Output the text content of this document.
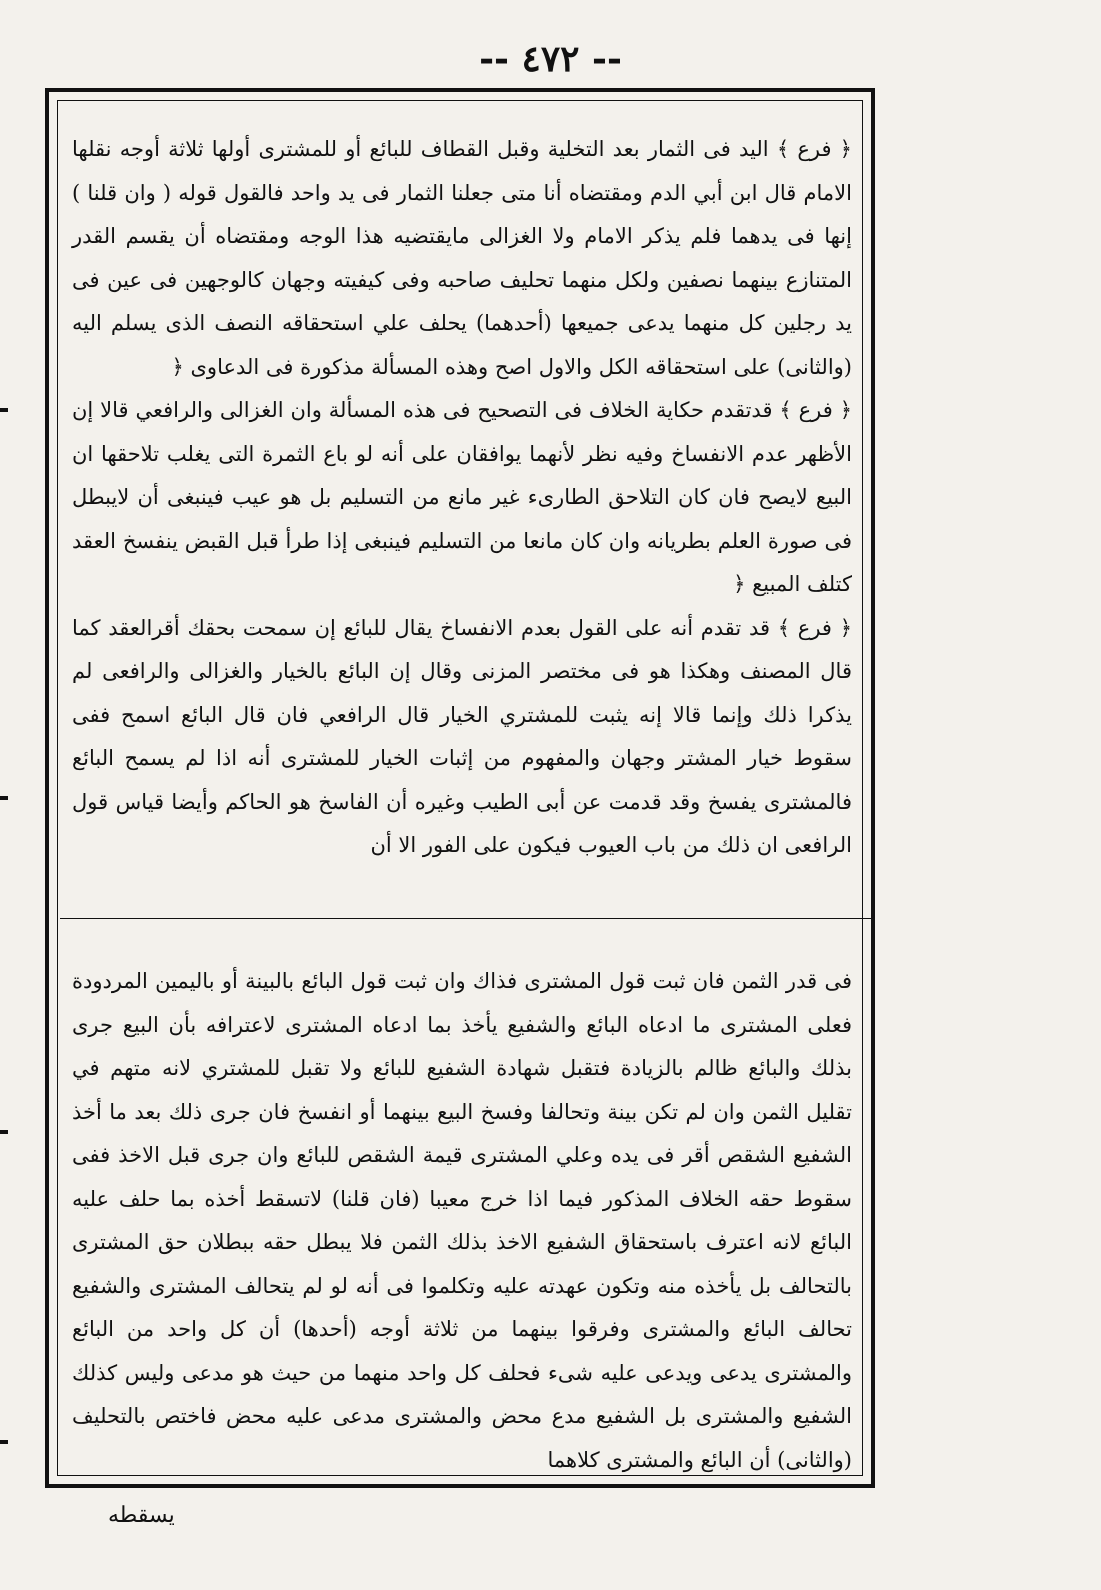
-- ٤٧٢ --

﴿ فرع ﴾ اليد فى الثمار بعد التخلية وقبل القطاف للبائع أو للمشترى أولها ثلاثة أوجه نقلها الامام قال ابن أبي الدم ومقتضاه أنا متى جعلنا الثمار فى يد واحد فالقول قوله ( وان قلنا ) إنها فى يدهما فلم يذكر الامام ولا الغزالى مايقتضيه هذا الوجه ومقتضاه أن يقسم القدر المتنازع بينهما نصفين ولكل منهما تحليف صاحبه وفى كيفيته وجهان كالوجهين فى عين فى يد رجلين كل منهما يدعى جميعها (أحدهما) يحلف علي استحقاقه النصف الذى يسلم اليه (والثانى) على استحقاقه الكل والاول اصح وهذه المسألة مذكورة فى الدعاوى ﴿

﴿ فرع ﴾ قدتقدم حكاية الخلاف فى التصحيح فى هذه المسألة وان الغزالى والرافعي قالا إن الأظهر عدم الانفساخ وفيه نظر لأنهما يوافقان على أنه لو باع الثمرة التى يغلب تلاحقها ان البيع لايصح فان كان التلاحق الطارىء غير مانع من التسليم بل هو عيب فينبغى أن لايبطل فى صورة العلم بطريانه وان كان مانعا من التسليم فينبغى إذا طرأ قبل القبض ينفسخ العقد كتلف المبيع ﴿

﴿ فرع ﴾ قد تقدم أنه على القول بعدم الانفساخ يقال للبائع إن سمحت بحقك أقرالعقد كما قال المصنف وهكذا هو فى مختصر المزنى وقال إن البائع بالخيار والغزالى والرافعى لم يذكرا ذلك وإنما قالا إنه يثبت للمشتري الخيار قال الرافعي فان قال البائع اسمح ففى سقوط خيار المشتر وجهان والمفهوم من إثبات الخيار للمشترى أنه اذا لم يسمح البائع فالمشترى يفسخ وقد قدمت عن أبى الطيب وغيره أن الفاسخ هو الحاكم وأيضا قياس قول الرافعى ان ذلك من باب العيوب فيكون على الفور الا أن

فى قدر الثمن فان ثبت قول المشترى فذاك وان ثبت قول البائع بالبينة أو باليمين المردودة فعلى المشترى ما ادعاه البائع والشفيع يأخذ بما ادعاه المشترى لاعترافه بأن البيع جرى بذلك والبائع ظالم بالزيادة فتقبل شهادة الشفيع للبائع ولا تقبل للمشتري لانه متهم في تقليل الثمن وان لم تكن بينة وتحالفا وفسخ البيع بينهما أو انفسخ فان جرى ذلك بعد ما أخذ الشفيع الشقص أقر فى يده وعلي المشترى قيمة الشقص للبائع وان جرى قبل الاخذ ففى سقوط حقه الخلاف المذكور فيما اذا خرج معيبا (فان قلنا) لاتسقط أخذه بما حلف عليه البائع لانه اعترف باستحقاق الشفيع الاخذ بذلك الثمن فلا يبطل حقه ببطلان حق المشترى بالتحالف بل يأخذه منه وتكون عهدته عليه وتكلموا فى أنه لو لم يتحالف المشترى والشفيع تحالف البائع والمشترى وفرقوا بينهما من ثلاثة أوجه (أحدها) أن كل واحد من البائع والمشترى يدعى ويدعى عليه شىء فحلف كل واحد منهما من حيث هو مدعى وليس كذلك الشفيع والمشترى بل الشفيع مدع محض والمشترى مدعى عليه محض فاختص بالتحليف (والثانى) أن البائع والمشترى كلاهما

يسقطه
